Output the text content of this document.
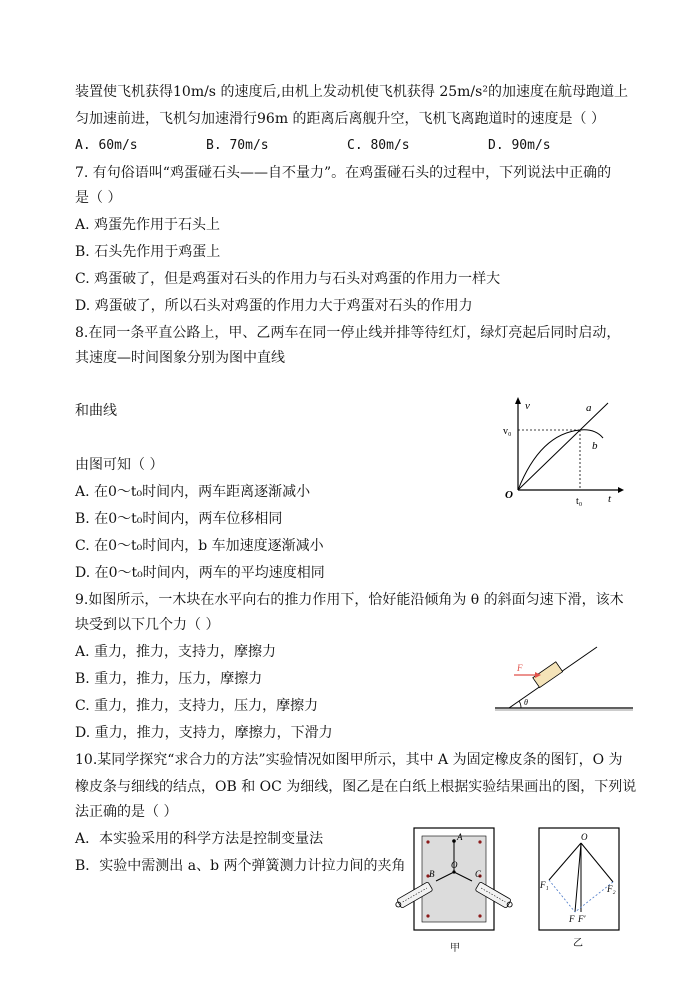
装置使飞机获得10m/s 的速度后,由机上发动机使飞机获得 25m/s²的加速度在航母跑道上
匀加速前进，飞机匀加速滑行96m 的距离后离舰升空，飞机飞离跑道时的速度是（ ）
A. 60m/s	B. 70m/s	C. 80m/s	D. 90m/s
7. 有句俗语叫“鸡蛋碰石头——自不量力”。在鸡蛋碰石头的过程中，下列说法中正确的
是（ ）
A. 鸡蛋先作用于石头上
B. 石头先作用于鸡蛋上
C. 鸡蛋破了，但是鸡蛋对石头的作用力与石头对鸡蛋的作用力一样大
D. 鸡蛋破了，所以石头对鸡蛋的作用力大于鸡蛋对石头的作用力
8.在同一条平直公路上，甲、乙两车在同一停止线并排等待红灯，绿灯亮起后同时启动，
其速度—时间图象分别为图中直线
和曲线
由图可知（ ）
A. 在0～t₀时间内，两车距离逐渐减小
B. 在0～t₀时间内，两车位移相同
C. 在0～t₀时间内，b 车加速度逐渐减小
D. 在0～t₀时间内，两车的平均速度相同
v
t
O
v₀
t₀
a
b
9.如图所示，一木块在水平向右的推力作用下，恰好能沿倾角为 θ 的斜面匀速下滑，该木
块受到以下几个力（ ）
A. 重力，推力，支持力，摩擦力
B. 重力，推力，压力，摩擦力
C. 重力，推力，支持力，压力，摩擦力
D. 重力，推力，支持力，摩擦力，下滑力
F
θ
10.某同学探究“求合力的方法”实验情况如图甲所示，其中 A 为固定橡皮条的图钉，O 为
橡皮条与细线的结点，OB 和 OC 为细线，图乙是在白纸上根据实验结果画出的图，下列说
法正确的是（ ）
A．本实验采用的科学方法是控制变量法
B．实验中需测出 a、b 两个弹簧测力计拉力间的夹角
A
O
B	C
甲
O
F₁	F₂
F F′
乙
